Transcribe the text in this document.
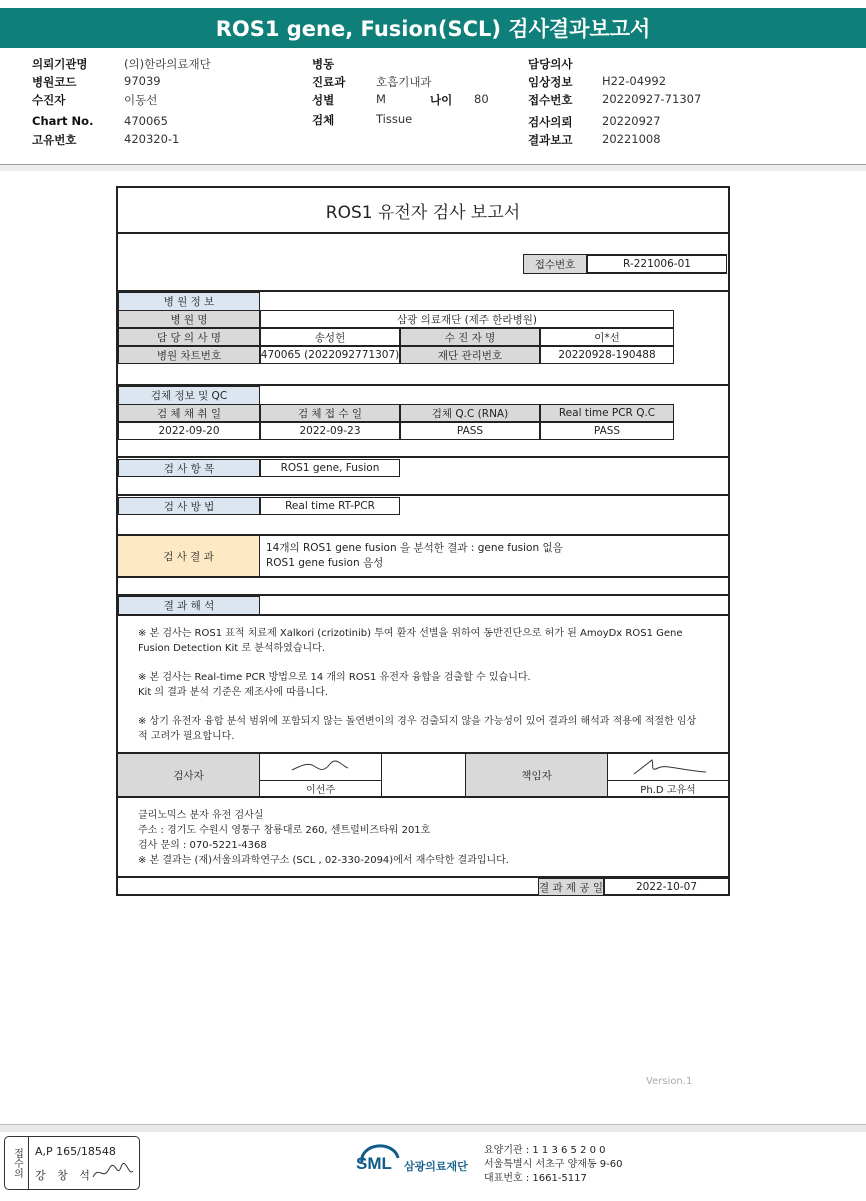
ROS1 gene, Fusion(SCL) 검사결과보고서
의뢰기관명	(의)한라의료재단
병원코드	97039
수진자	이동선
Chart No.	470065
고유번호	420320-1
병동
진료과	호흡기내과
성별	M	나이 80
검체	Tissue
담당의사
임상정보	H22-04992
접수번호	20220927-71307
검사의뢰	20220927
결과보고	20221008
ROS1 유전자 검사 보고서
접수번호	R-221006-01
병 원 정 보
병 원 명	삼광 의료재단 (제주 한라병원)
담 당 의 사 명	송성헌	수 진 자 명	이*선
병원 차트번호	470065 (2022092771307)	재단 관리번호	20220928-190488
검체 정보 및 QC
검 체 채 취 일	검 체 접 수 일	검체 Q.C (RNA)	Real time PCR Q.C
2022-09-20	2022-09-23	PASS	PASS
검 사 항 목	ROS1 gene, Fusion
검 사 방 법	Real time RT-PCR
검 사 결 과
14개의 ROS1 gene fusion 을 분석한 결과 : gene fusion 없음
ROS1 gene fusion 음성
결 과 해 석
※ 본 검사는 ROS1 표적 치료제 Xalkori (crizotinib) 투여 환자 선별을 위하여 동반진단으로 허가 된 AmoyDx ROS1 Gene
Fusion Detection Kit 로 분석하였습니다.
※ 본 검사는 Real-time PCR 방법으로 14 개의 ROS1 유전자 융합을 검출할 수 있습니다.
Kit 의 결과 분석 기준은 제조사에 따릅니다.
※ 상기 유전자 융합 분석 범위에 포함되지 않는 돌연변이의 경우 검출되지 않을 가능성이 있어 결과의 해석과 적용에 적절한 임상
적 고려가 필요합니다.
검사자
이선주
책임자
Ph.D 고유석
클리노믹스 분자 유전 검사실
주소 : 경기도 수원시 영통구 창룡대로 260, 센트럴비즈타워 201호
검사 문의 : 070-5221-4368
※ 본 결과는 (재)서울의과학연구소 (SCL , 02-330-2094)에서 재수탁한 결과입니다.
결 과 제 공 일	2022-10-07
Version.1
접수의	A,P 165/18548
강 창 석
SML 삼광의료재단
요양기관 : 1 1 3 6 5 2 0 0
서울특별시 서초구 양재동 9-60
대표번호 : 1661-5117
